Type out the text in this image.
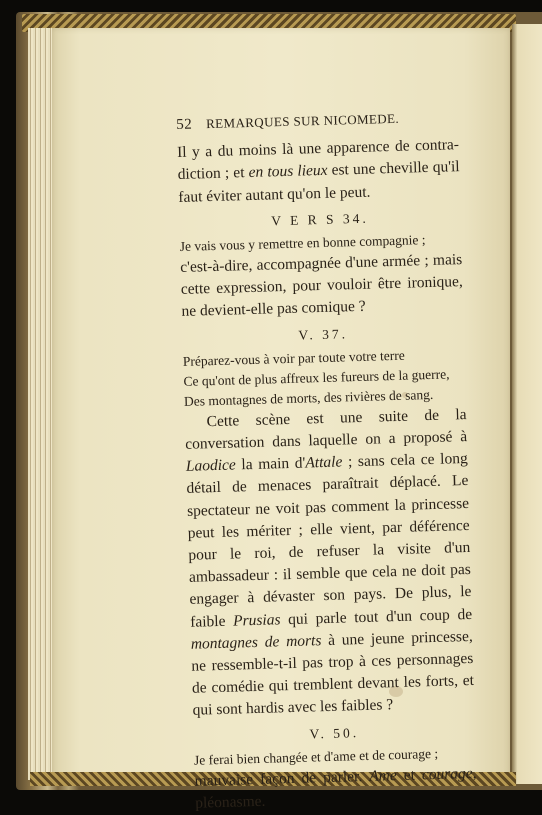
52 REMARQUES SUR NICOMEDE.

Il y a du moins là une apparence de contra-diction ; et en tous lieux est une cheville qu'il faut éviter autant qu'on le peut.

V E R S 34.

Je vais vous y remettre en bonne compagnie ;

c'est-à-dire, accompagnée d'une armée ; mais cette expression, pour vouloir être ironique, ne devient-elle pas comique ?

V. 37.

Préparez-vous à voir par toute votre terre

Ce qu'ont de plus affreux les fureurs de la guerre,

Des montagnes de morts, des rivières de sang.

Cette scène est une suite de la conversation dans laquelle on a proposé à Laodice la main d'Attale ; sans cela ce long détail de menaces paraîtrait déplacé. Le spectateur ne voit pas comment la princesse peut les mériter ; elle vient, par déférence pour le roi, de refuser la visite d'un ambassadeur : il semble que cela ne doit pas engager à dévaster son pays. De plus, le faible Prusias qui parle tout d'un coup de montagnes de morts à une jeune princesse, ne ressemble-t-il pas trop à ces personnages de comédie qui tremblent devant les forts, et qui sont hardis avec les faibles ?

V. 50.

Je ferai bien changée et d'ame et de courage ;

mauvaise façon de parler. Ame et courage, pléonasme.
